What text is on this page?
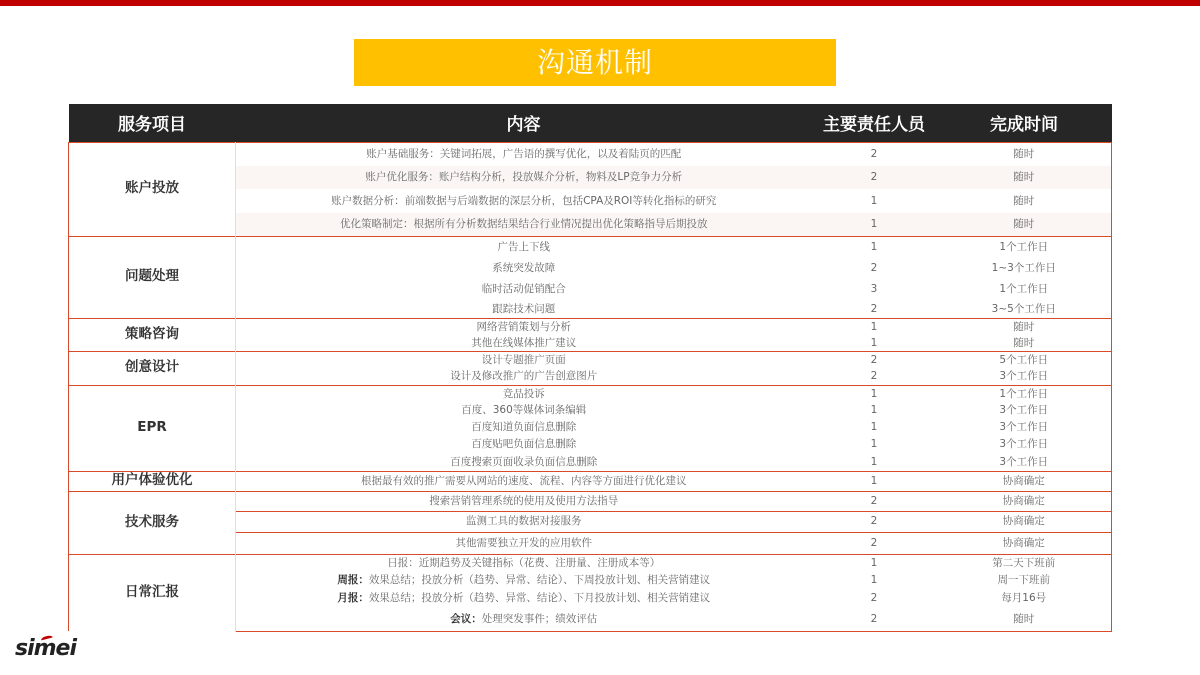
沟通机制
服务项目	内容	主要责任人员	完成时间
账户投放	账户基础服务：关键词拓展，广告语的撰写优化，以及着陆页的匹配	2	随时
	账户优化服务：账户结构分析，投放媒介分析，物料及LP竞争力分析	2	随时
	账户数据分析：前端数据与后端数据的深层分析，包括CPA及ROI等转化指标的研究	1	随时
	优化策略制定：根据所有分析数据结果结合行业情况提出优化策略指导后期投放	1	随时
问题处理	广告上下线	1	1个工作日
	系统突发故障	2	1~3个工作日
	临时活动促销配合	3	1个工作日
	跟踪技术问题	2	3~5个工作日
策略咨询	网络营销策划与分析	1	随时
	其他在线媒体推广建议	1	随时
创意设计	设计专题推广页面	2	5个工作日
	设计及修改推广的广告创意图片	2	3个工作日
EPR	竞品投诉	1	1个工作日
	百度、360等媒体词条编辑	1	3个工作日
	百度知道负面信息删除	1	3个工作日
	百度贴吧负面信息删除	1	3个工作日
	百度搜索页面收录负面信息删除	1	3个工作日
用户体验优化	根据最有效的推广需要从网站的速度、流程、内容等方面进行优化建议	1	协商确定
技术服务	搜索营销管理系统的使用及使用方法指导	2	协商确定
	监测工具的数据对接服务	2	协商确定
	其他需要独立开发的应用软件	2	协商确定
日常汇报	日报：近期趋势及关键指标（花费、注册量、注册成本等）	1	第二天下班前
	周报：效果总结；投放分析（趋势、异常、结论）、下周投放计划、相关营销建议	1	周一下班前
	月报：效果总结；投放分析（趋势、异常、结论）、下月投放计划、相关营销建议	2	每月16号
	会议：处理突发事件；绩效评估	2	随时
simei
